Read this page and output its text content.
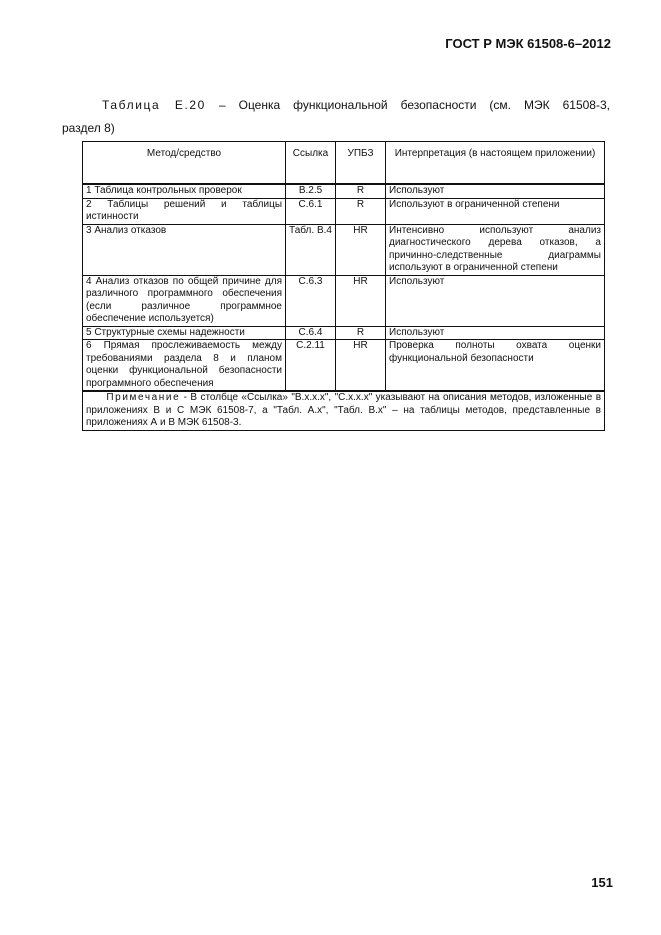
ГОСТ Р МЭК 61508-6–2012
Таблица Е.20 – Оценка функциональной безопасности (см. МЭК 61508-3,
раздел 8)
Метод/средство	Ссылка	УПБЗ	Интерпретация (в настоящем приложении)
1 Таблица контрольных проверок	В.2.5	R	Используют
2 Таблицы решений и таблицы истинности	С.6.1	R	Используют в ограниченной степени
3 Анализ отказов	Табл. В.4	HR	Интенсивно используют анализ диагностического дерева отказов, а причинно-следственные диаграммы используют в ограниченной степени
4 Анализ отказов по общей причине для различного программного обеспечения (если различное программное обеспечение используется)	С.6.3	HR	Используют
5 Структурные схемы надежности	С.6.4	R	Используют
6 Прямая прослеживаемость между требованиями раздела 8 и планом оценки функциональной безопасности программного обеспечения	С.2.11	HR	Проверка полноты охвата оценки функциональной безопасности
Примечание - В столбце «Ссылка» "В.х.х.х", "С.х.х.х" указывают на описания методов, изложенные в приложениях В и С МЭК 61508-7, а "Табл. А.х", "Табл. В.х" – на таблицы методов, представленные в приложениях А и В МЭК 61508-3.			
151
